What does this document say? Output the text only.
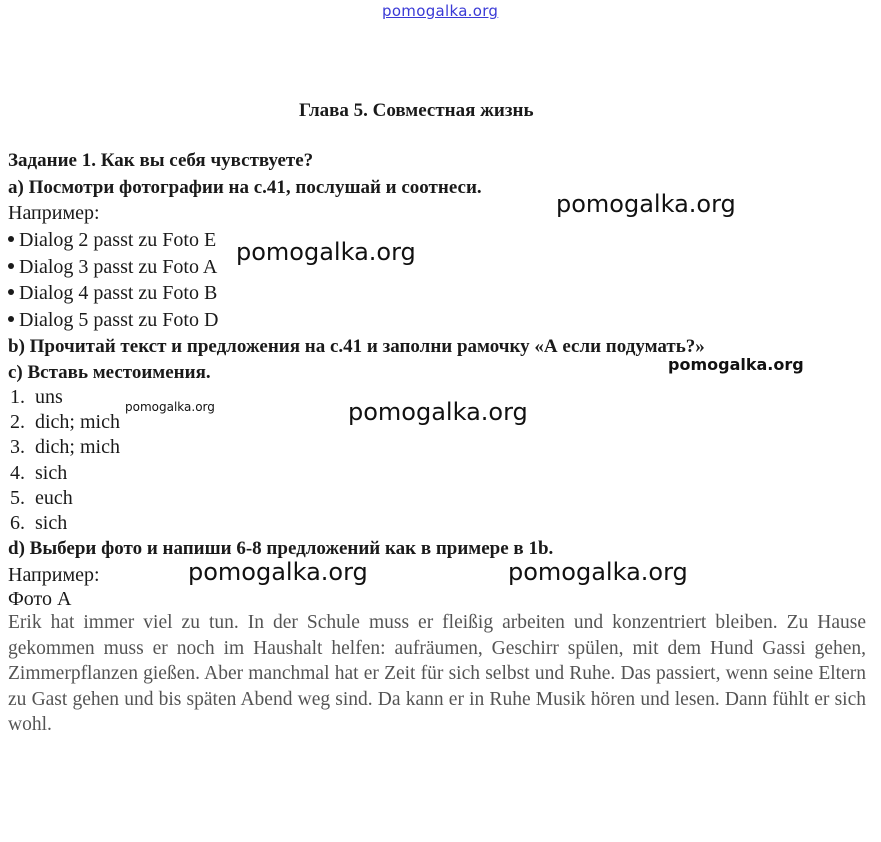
pomogalka.org
Глава 5. Совместная жизнь
Задание 1. Как вы себя чувствуете?
a) Посмотри фотографии на с.41, послушай и соотнеси.
Например:
Dialog 2 passt zu Foto E
Dialog 3 passt zu Foto A
Dialog 4 passt zu Foto B
Dialog 5 passt zu Foto D
b) Прочитай текст и предложения на с.41 и заполни рамочку «А если подумать?»
c) Вставь местоимения.
1. uns
2. dich; mich
3. dich; mich
4. sich
5. euch
6. sich
d) Выбери фото и напиши 6-8 предложений как в примере в 1b.
Например:
Фото А
Erik hat immer viel zu tun. In der Schule muss er fleißig arbeiten und konzentriert bleiben. Zu Hause gekommen muss er noch im Haushalt helfen: aufräumen, Geschirr spülen, mit dem Hund Gassi gehen, Zimmerpflanzen gießen. Aber manchmal hat er Zeit für sich selbst und Ruhe. Das passiert, wenn seine Eltern zu Gast gehen und bis späten Abend weg sind. Da kann er in Ruhe Musik hören und lesen. Dann fühlt er sich wohl.
pomogalka.org
pomogalka.org
pomogalka.org
pomogalka.org	pomogalka.org
pomogalka.org	pomogalka.org
